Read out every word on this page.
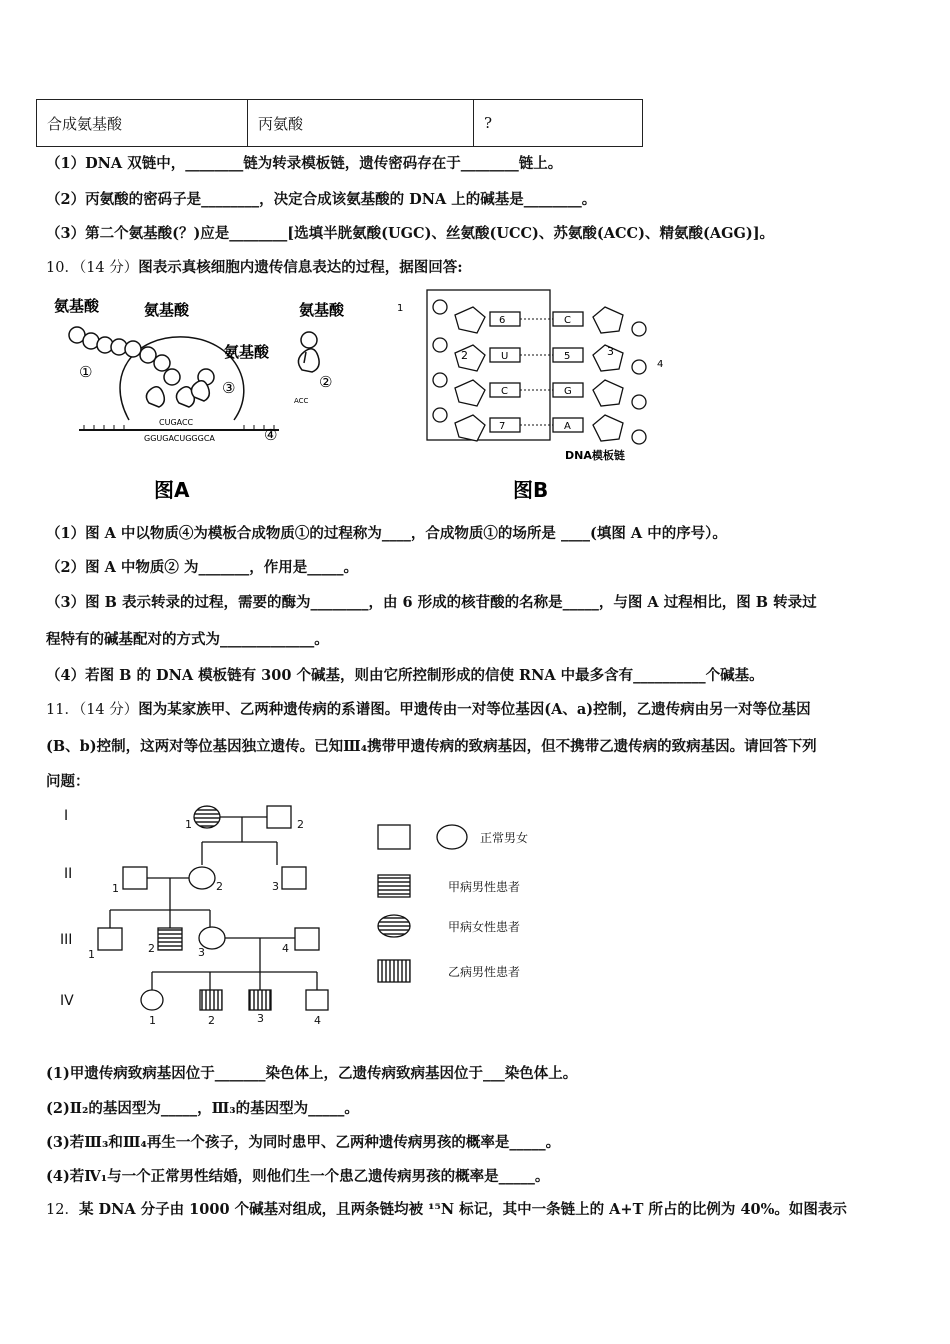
合成氨基酸	丙氨酸	?
（1）DNA 双链中，________链为转录模板链，遗传密码存在于________链上。
（2）丙氨酸的密码子是________，决定合成该氨基酸的 DNA 上的碱基是________。
（3）第二个氨基酸(？)应是________[选填半胱氨酸(UGC)、丝氨酸(UCC)、苏氨酸(ACC)、精氨酸(AGG)]。
10．（14 分）图表示真核细胞内遗传信息表达的过程，据图回答:
氨基酸	氨基酸
氨基酸
氨基酸
①
③	②
④
CUGACC
GGUGACUGGGCA
ACC
图A
1
2	3
4
6
U
C
7
C
5
G
A
DNA模板链
图B
（1）图 A 中以物质④为模板合成物质①的过程称为____，合成物质①的场所是 ____(填图 A 中的序号）。
（2）图 A 中物质② 为_______，作用是_____。
（3）图 B 表示转录的过程，需要的酶为________，由 6 形成的核苷酸的名称是_____，与图 A 过程相比，图 B 转录过
程特有的碱基配对的方式为_____________。
（4）若图 B 的 DNA 模板链有 300 个碱基，则由它所控制形成的信使 RNA 中最多含有__________个碱基。
11．（14 分）图为某家族甲、乙两种遗传病的系谱图。甲遗传由一对等位基因(A、a)控制，乙遗传病由另一对等位基因
(B、b)控制，这两对等位基因独立遗传。已知Ⅲ₄携带甲遗传病的致病基因，但不携带乙遗传病的致病基因。请回答下列
问题：
I
II
III
IV
1	2
1	2	3
1	2	3	4
1	2	3	4
正常男女
甲病男性患者
甲病女性患者
乙病男性患者
(1)甲遗传病致病基因位于_______染色体上，乙遗传病致病基因位于___染色体上。
(2)Ⅱ₂的基因型为_____，Ⅲ₃的基因型为_____。
(3)若Ⅲ₃和Ⅲ₄再生一个孩子，为同时患甲、乙两种遗传病男孩的概率是_____。
(4)若Ⅳ₁与一个正常男性结婚，则他们生一个患乙遗传病男孩的概率是_____。
12．某 DNA 分子由 1000 个碱基对组成，且两条链均被 ¹⁵N 标记，其中一条链上的 A+T 所占的比例为 40%。如图表示
